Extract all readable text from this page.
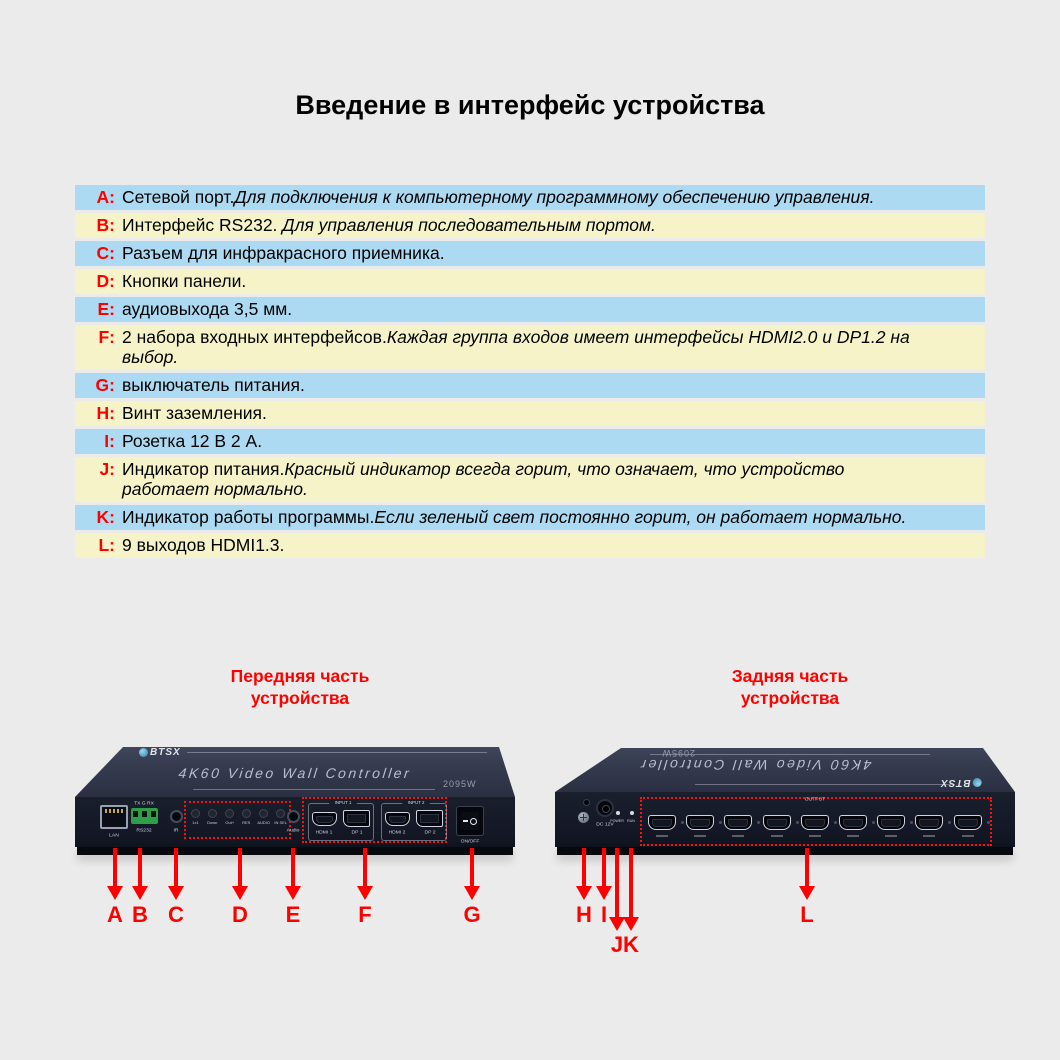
Введение в интерфейс устройства
A: Сетевой порт.Для подключения к компьютерному программному обеспечению управления.
B: Интерфейс RS232. Для управления последовательным портом.
C: Разъем для инфракрасного приемника.
D: Кнопки панели.
E: аудиовыхода 3,5 мм.
F: 2 набора входных интерфейсов.Каждая группа входов имеет интерфейсы HDMI2.0 и DP1.2 на выбор.
G: выключатель питания.
H: Винт заземления.
I: Розетка 12 В 2 А.
J: Индикатор питания.Красный индикатор всегда горит, что означает, что устройство работает нормально.
K: Индикатор работы программы.Если зеленый свет постоянно горит, он работает нормально.
L: 9 выходов HDMI1.3.
Передняя часть
устройства
Задняя часть
устройства
BTSX
4K60 Video Wall Controller
2095W
LAN
TX G RX
RS232	IR
1x1 Down Out+ RES AUDIO IN SEL
Audio
INPUT 1
HDMI 1	DP 1
INPUT 2
HDMI 2	DP 2
ON/OFF
BTSX
4K60 Video Wall Controller
2095W
DC 12V
POWER RUN
OUTPUT
A B C	D	E	F	G	H I
J K
L
